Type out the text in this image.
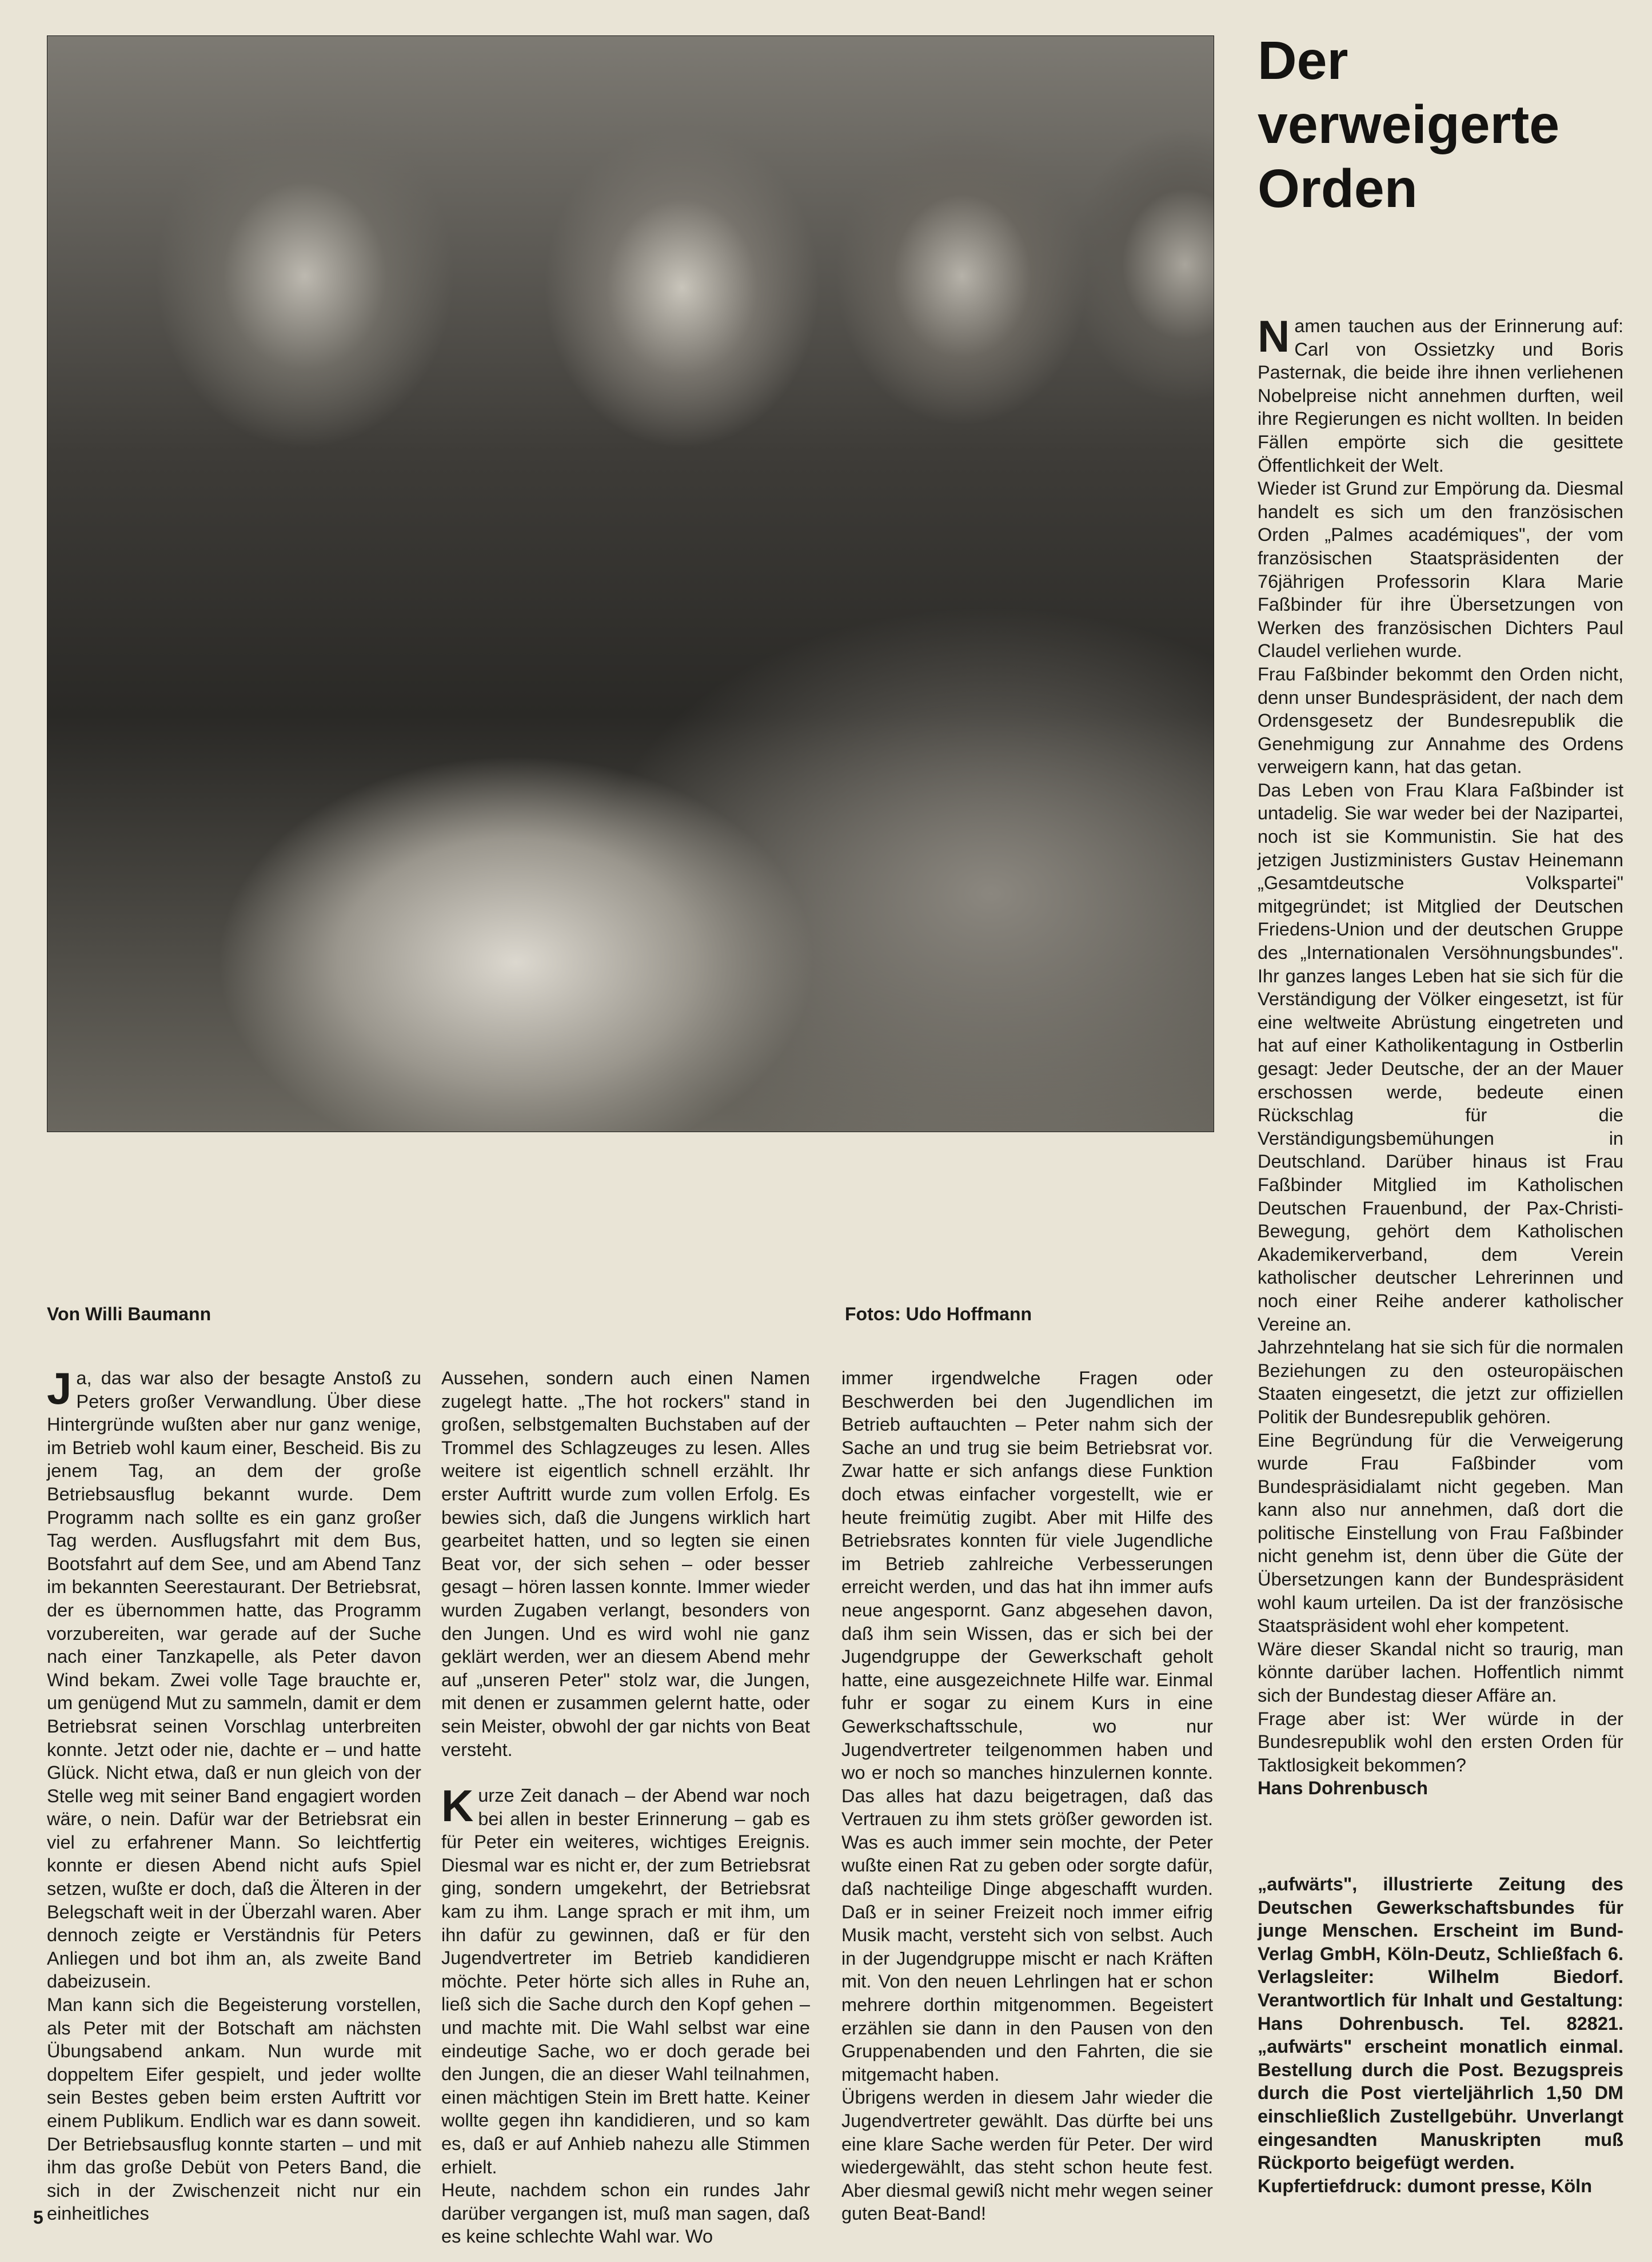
Der
verweigerte
Orden

Namen tauchen aus der Erinnerung auf: Carl von Ossietzky und Boris Pasternak, die beide ihre ihnen verliehenen Nobelpreise nicht annehmen durften, weil ihre Regierungen es nicht wollten. In beiden Fällen empörte sich die gesittete Öffentlichkeit der Welt.

Wieder ist Grund zur Empörung da. Diesmal handelt es sich um den französischen Orden „Palmes académiques", der vom französischen Staatspräsidenten der 76jährigen Professorin Klara Marie Faßbinder für ihre Übersetzungen von Werken des französischen Dichters Paul Claudel verliehen wurde.

Frau Faßbinder bekommt den Orden nicht, denn unser Bundespräsident, der nach dem Ordensgesetz der Bundesrepublik die Genehmigung zur Annahme des Ordens verweigern kann, hat das getan.

Das Leben von Frau Klara Faßbinder ist untadelig. Sie war weder bei der Nazipartei, noch ist sie Kommunistin. Sie hat des jetzigen Justizministers Gustav Heinemann „Gesamtdeutsche Volkspartei" mitgegründet; ist Mitglied der Deutschen Friedens-Union und der deutschen Gruppe des „Internationalen Versöhnungsbundes". Ihr ganzes langes Leben hat sie sich für die Verständigung der Völker eingesetzt, ist für eine weltweite Abrüstung eingetreten und hat auf einer Katholikentagung in Ostberlin gesagt: Jeder Deutsche, der an der Mauer erschossen werde, bedeute einen Rückschlag für die Verständigungsbemühungen in Deutschland. Darüber hinaus ist Frau Faßbinder Mitglied im Katholischen Deutschen Frauenbund, der Pax-Christi-Bewegung, gehört dem Katholischen Akademikerverband, dem Verein katholischer deutscher Lehrerinnen und noch einer Reihe anderer katholischer Vereine an.

Jahrzehntelang hat sie sich für die normalen Beziehungen zu den osteuropäischen Staaten eingesetzt, die jetzt zur offiziellen Politik der Bundesrepublik gehören.

Eine Begründung für die Verweigerung wurde Frau Faßbinder vom Bundespräsidialamt nicht gegeben. Man kann also nur annehmen, daß dort die politische Einstellung von Frau Faßbinder nicht genehm ist, denn über die Güte der Übersetzungen kann der Bundespräsident wohl kaum urteilen. Da ist der französische Staatspräsident wohl eher kompetent.

Wäre dieser Skandal nicht so traurig, man könnte darüber lachen. Hoffentlich nimmt sich der Bundestag dieser Affäre an.

Frage aber ist: Wer würde in der Bundesrepublik wohl den ersten Orden für Taktlosigkeit bekommen?

Hans Dohrenbusch

Von Willi Baumann	Fotos: Udo Hoffmann

Ja, das war also der besagte Anstoß zu Peters großer Verwandlung. Über diese Hintergründe wußten aber nur ganz wenige, im Betrieb wohl kaum einer, Bescheid. Bis zu jenem Tag, an dem der große Betriebsausflug bekannt wurde. Dem Programm nach sollte es ein ganz großer Tag werden. Ausflugsfahrt mit dem Bus, Bootsfahrt auf dem See, und am Abend Tanz im bekannten Seerestaurant. Der Betriebsrat, der es übernommen hatte, das Programm vorzubereiten, war gerade auf der Suche nach einer Tanzkapelle, als Peter davon Wind bekam. Zwei volle Tage brauchte er, um genügend Mut zu sammeln, damit er dem Betriebsrat seinen Vorschlag unterbreiten konnte. Jetzt oder nie, dachte er – und hatte Glück. Nicht etwa, daß er nun gleich von der Stelle weg mit seiner Band engagiert worden wäre, o nein. Dafür war der Betriebsrat ein viel zu erfahrener Mann. So leichtfertig konnte er diesen Abend nicht aufs Spiel setzen, wußte er doch, daß die Älteren in der Belegschaft weit in der Überzahl waren. Aber dennoch zeigte er Verständnis für Peters Anliegen und bot ihm an, als zweite Band dabeizusein.

Man kann sich die Begeisterung vorstellen, als Peter mit der Botschaft am nächsten Übungsabend ankam. Nun wurde mit doppeltem Eifer gespielt, und jeder wollte sein Bestes geben beim ersten Auftritt vor einem Publikum. Endlich war es dann soweit. Der Betriebsausflug konnte starten – und mit ihm das große Debüt von Peters Band, die sich in der Zwischenzeit nicht nur ein einheitliches

Aussehen, sondern auch einen Namen zugelegt hatte. „The hot rockers" stand in großen, selbstgemalten Buchstaben auf der Trommel des Schlagzeuges zu lesen. Alles weitere ist eigentlich schnell erzählt. Ihr erster Auftritt wurde zum vollen Erfolg. Es bewies sich, daß die Jungens wirklich hart gearbeitet hatten, und so legten sie einen Beat vor, der sich sehen – oder besser gesagt – hören lassen konnte. Immer wieder wurden Zugaben verlangt, besonders von den Jungen. Und es wird wohl nie ganz geklärt werden, wer an diesem Abend mehr auf „unseren Peter" stolz war, die Jungen, mit denen er zusammen gelernt hatte, oder sein Meister, obwohl der gar nichts von Beat versteht.

Kurze Zeit danach – der Abend war noch bei allen in bester Erinnerung – gab es für Peter ein weiteres, wichtiges Ereignis. Diesmal war es nicht er, der zum Betriebsrat ging, sondern umgekehrt, der Betriebsrat kam zu ihm. Lange sprach er mit ihm, um ihn dafür zu gewinnen, daß er für den Jugendvertreter im Betrieb kandidieren möchte. Peter hörte sich alles in Ruhe an, ließ sich die Sache durch den Kopf gehen – und machte mit. Die Wahl selbst war eine eindeutige Sache, wo er doch gerade bei den Jungen, die an dieser Wahl teilnahmen, einen mächtigen Stein im Brett hatte. Keiner wollte gegen ihn kandidieren, und so kam es, daß er auf Anhieb nahezu alle Stimmen erhielt.

Heute, nachdem schon ein rundes Jahr darüber vergangen ist, muß man sagen, daß es keine schlechte Wahl war. Wo

immer irgendwelche Fragen oder Beschwerden bei den Jugendlichen im Betrieb auftauchten – Peter nahm sich der Sache an und trug sie beim Betriebsrat vor. Zwar hatte er sich anfangs diese Funktion doch etwas einfacher vorgestellt, wie er heute freimütig zugibt. Aber mit Hilfe des Betriebsrates konnten für viele Jugendliche im Betrieb zahlreiche Verbesserungen erreicht werden, und das hat ihn immer aufs neue angespornt. Ganz abgesehen davon, daß ihm sein Wissen, das er sich bei der Jugendgruppe der Gewerkschaft geholt hatte, eine ausgezeichnete Hilfe war. Einmal fuhr er sogar zu einem Kurs in eine Gewerkschaftsschule, wo nur Jugendvertreter teilgenommen haben und wo er noch so manches hinzulernen konnte. Das alles hat dazu beigetragen, daß das Vertrauen zu ihm stets größer geworden ist. Was es auch immer sein mochte, der Peter wußte einen Rat zu geben oder sorgte dafür, daß nachteilige Dinge abgeschafft wurden. Daß er in seiner Freizeit noch immer eifrig Musik macht, versteht sich von selbst. Auch in der Jugendgruppe mischt er nach Kräften mit. Von den neuen Lehrlingen hat er schon mehrere dorthin mitgenommen. Begeistert erzählen sie dann in den Pausen von den Gruppenabenden und den Fahrten, die sie mitgemacht haben.

Übrigens werden in diesem Jahr wieder die Jugendvertreter gewählt. Das dürfte bei uns eine klare Sache werden für Peter. Der wird wiedergewählt, das steht schon heute fest. Aber diesmal gewiß nicht mehr wegen seiner guten Beat-Band!

„aufwärts", illustrierte Zeitung des Deutschen Gewerkschaftsbundes für junge Menschen. Erscheint im Bund-Verlag GmbH, Köln-Deutz, Schließfach 6. Verlagsleiter: Wilhelm Biedorf. Verantwortlich für Inhalt und Gestaltung: Hans Dohrenbusch. Tel. 82821. „aufwärts" erscheint monatlich einmal. Bestellung durch die Post. Bezugspreis durch die Post vierteljährlich 1,50 DM einschließlich Zustellgebühr. Unverlangt eingesandten Manuskripten muß Rückporto beigefügt werden.

Kupfertiefdruck: dumont presse, Köln

5
